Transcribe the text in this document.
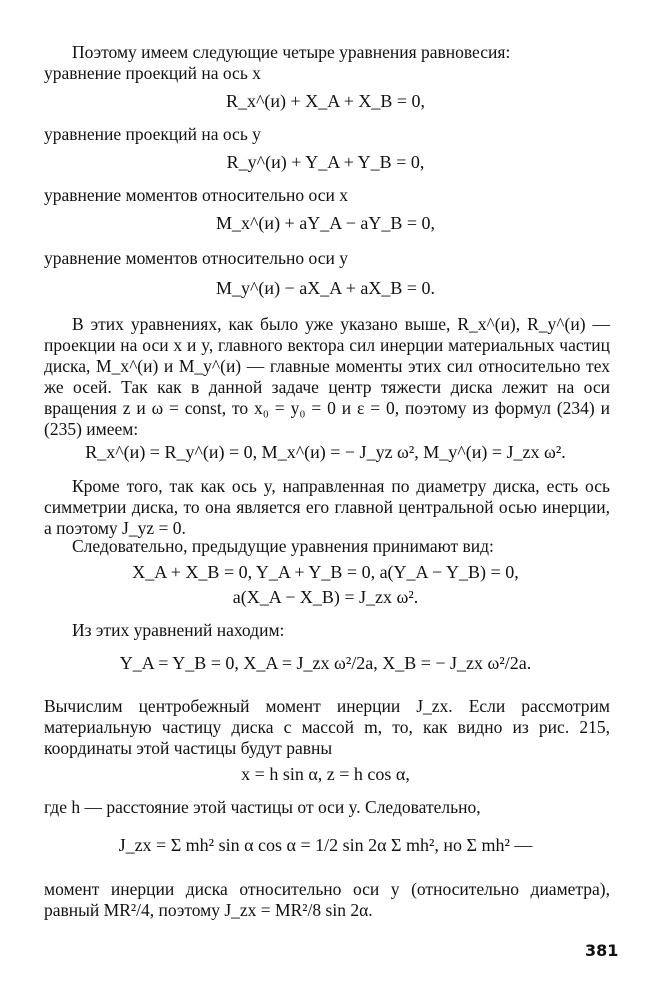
Поэтому имеем следующие четыре уравнения равновесия:
уравнение проекций на ось x
R_x^(и) + X_A + X_B = 0,
уравнение проекций на ось y
R_y^(и) + Y_A + Y_B = 0,
уравнение моментов относительно оси x
M_x^(и) + aY_A − aY_B = 0,
уравнение моментов относительно оси y
M_y^(и) − aX_A + aX_B = 0.
В этих уравнениях, как было уже указано выше, R_x^(и), R_y^(и) — проекции на оси x и y, главного вектора сил инерции материальных частиц диска, M_x^(и) и M_y^(и) — главные моменты этих сил относительно тех же осей. Так как в данной задаче центр тяжести диска лежит на оси вращения z и ω = const, то x₀ = y₀ = 0 и ε = 0, поэтому из формул (234) и (235) имеем:
R_x^(и) = R_y^(и) = 0, M_x^(и) = − J_yz ω², M_y^(и) = J_zx ω².
Кроме того, так как ось y, направленная по диаметру диска, есть ось симметрии диска, то она является его главной центральной осью инерции, а поэтому J_yz = 0.
Следовательно, предыдущие уравнения принимают вид:
X_A + X_B = 0, Y_A + Y_B = 0, a(Y_A − Y_B) = 0,
a(X_A − X_B) = J_zx ω².
Из этих уравнений находим:
Y_A = Y_B = 0, X_A = J_zx ω²/2a, X_B = − J_zx ω²/2a.
Вычислим центробежный момент инерции J_zx. Если рассмотрим материальную частицу диска с массой m, то, как видно из рис. 215, координаты этой частицы будут равны
x = h sin α, z = h cos α,
где h — расстояние этой частицы от оси y. Следовательно,
J_zx = Σ mh² sin α cos α = 1/2 sin 2α Σ mh², но Σ mh² —
момент инерции диска относительно оси y (относительно диаметра), равный MR²/4, поэтому J_zx = MR²/8 sin 2α.
381
